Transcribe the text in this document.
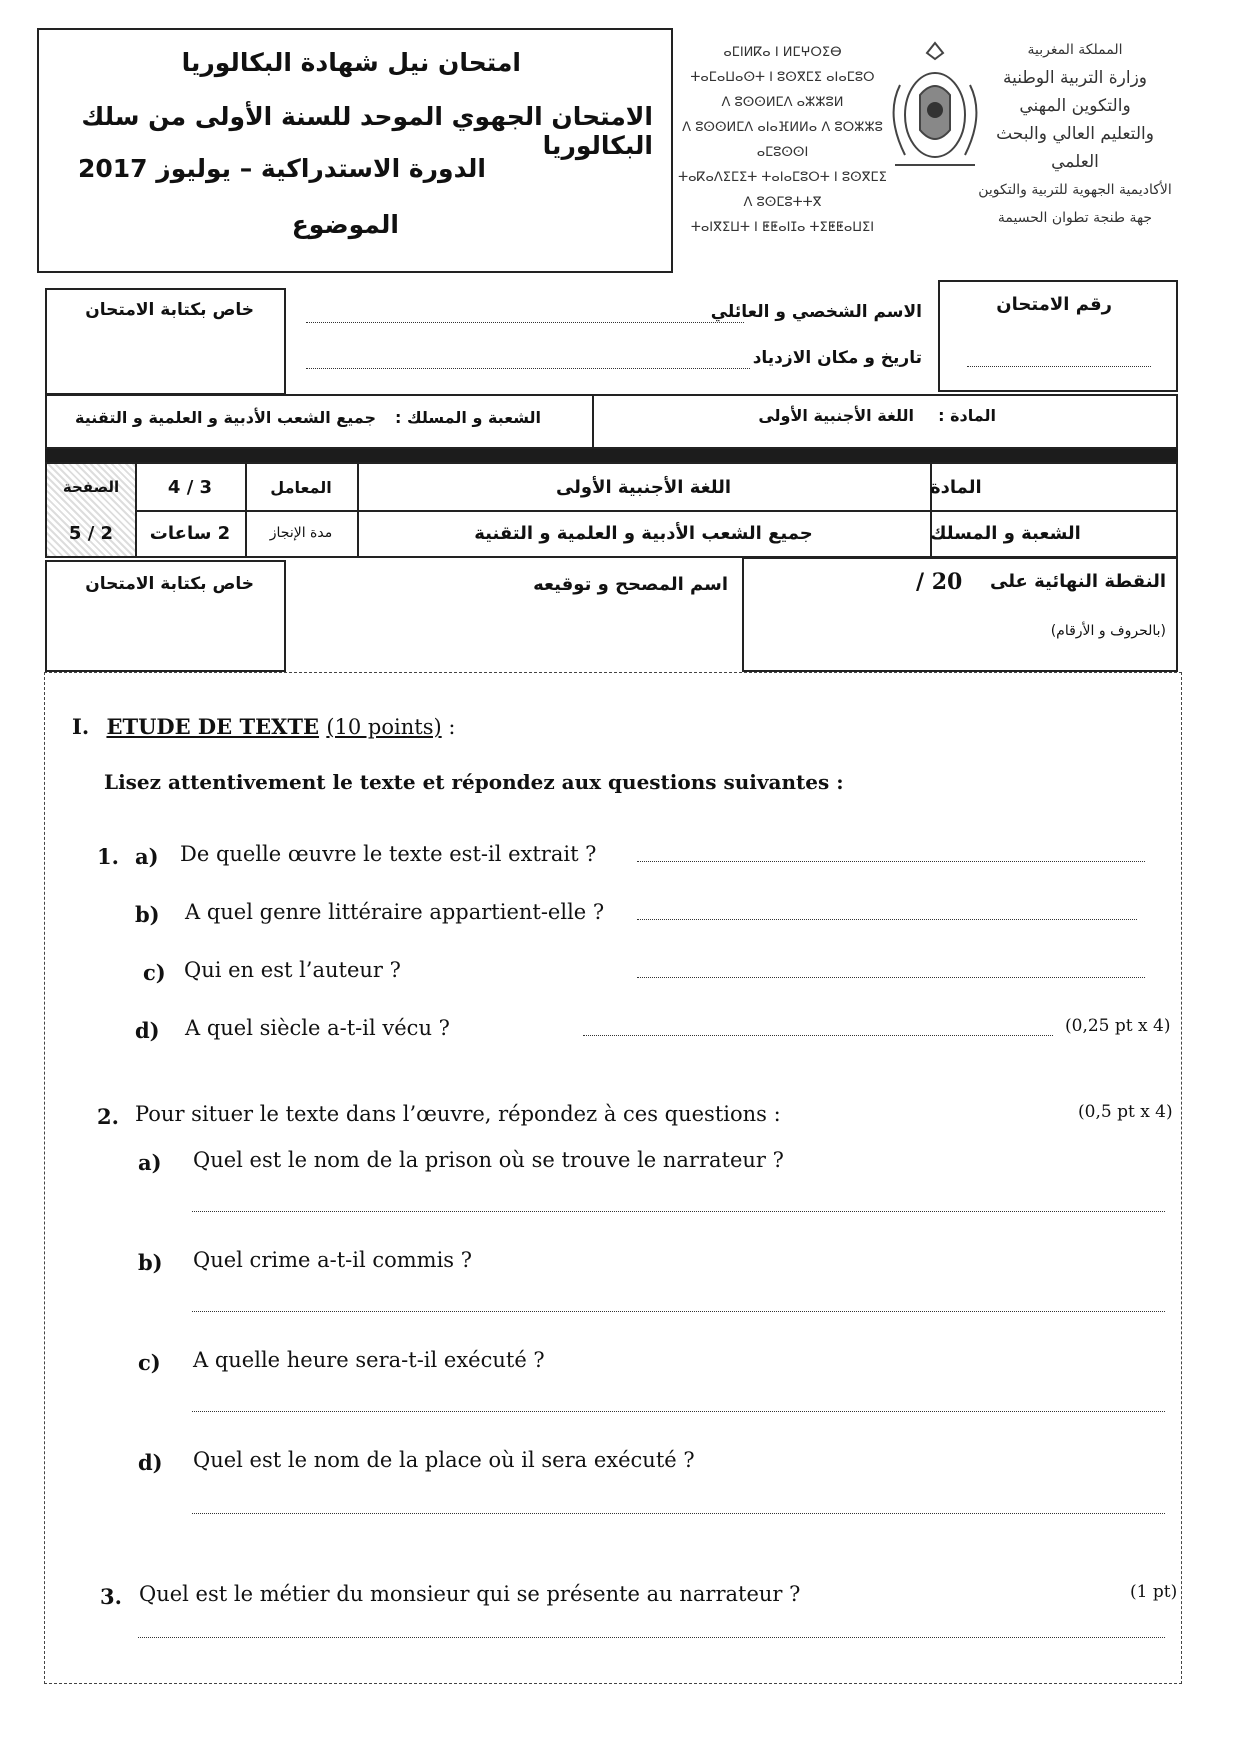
امتحان نيل شهادة البكالوريا
الامتحان الجهوي الموحد للسنة الأولى من سلك البكالوريا
الدورة الاستدراكية – يوليوز 2017
الموضوع
ⴰⵎⵏⵍⴽⴰ ⵏ ⵍⵎⵖⵔⵉⴱ
ⵜⴰⵎⴰⵡⴰⵙⵜ ⵏ ⵓⵙⴳⵎⵉ ⴰⵏⴰⵎⵓⵔ
ⴷ ⵓⵙⵙⵍⵎⴷ ⴰⵣⵣⵓⵍ
ⴷ ⵓⵙⵙⵍⵎⴷ ⴰⵏⴰⴼⵍⵍⴰ ⴷ ⵓⵔⵣⵣⵓ ⴰⵎⵓⵙⵙⵏ
ⵜⴰⴽⴰⴷⵉⵎⵉⵜ ⵜⴰⵏⴰⵎⵓⵔⵜ ⵏ ⵓⵙⴳⵎⵉ ⴷ ⵓⵙⵎⵓⵜⵜⴳ
ⵜⴰⵏⴳⵉⵡⵜ ⵏ ⵟⵟⴰⵏⵊⴰ ⵜⵉⵟⵟⴰⵡⵉⵏ
المملكة المغربية
وزارة التربية الوطنية
والتكوين المهني
والتعليم العالي والبحث العلمي
الأكاديمية الجهوية للتربية والتكوين
جهة طنجة تطوان الحسيمة
خاص بكتابة الامتحان	الاسم الشخصي و العائلي
تاريخ و مكان الازدياد
رقم الامتحان
الشعبة و المسلك :
جميع الشعب الأدبية و العلمية و التقنية	المادة :
اللغة الأجنبية الأولى
الصفحة	4 / 3	المعامل	اللغة الأجنبية الأولى	المادة
5 / 2	2 ساعات	مدة الإنجاز	جميع الشعب الأدبية و العلمية و التقنية	الشعبة و المسلك
خاص بكتابة الامتحان	اسم المصحح و توقيعه	النقطة النهائية على
/ 20
(بالحروف و الأرقام)
I. ETUDE DE TEXTE (10 points) :
Lisez attentivement le texte et répondez aux questions suivantes :
1. a) De quelle œuvre le texte est-il extrait ?
b) A quel genre littéraire appartient-elle ?
c) Qui en est l’auteur ?
d) A quel siècle a-t-il vécu ?	(0,25 pt x 4)
2. Pour situer le texte dans l’œuvre, répondez à ces questions :	(0,5 pt x 4)
a) Quel est le nom de la prison où se trouve le narrateur ?
b) Quel crime a-t-il commis ?
c) A quelle heure sera-t-il exécuté ?
d) Quel est le nom de la place où il sera exécuté ?
3. Quel est le métier du monsieur qui se présente au narrateur ?	(1 pt)
